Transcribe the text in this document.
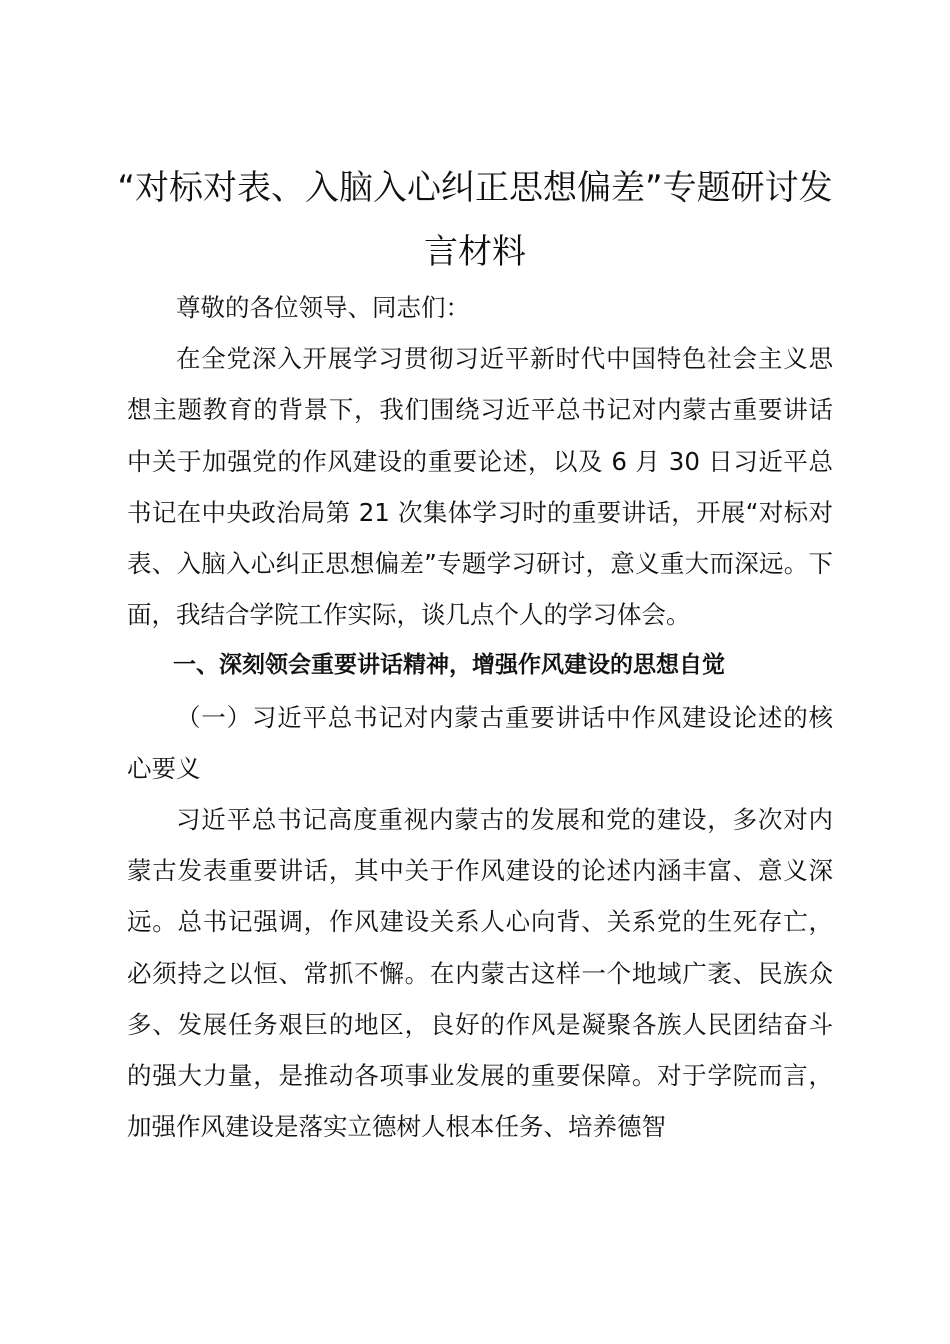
“对标对表、入脑入心纠正思想偏差”专题研讨发言材料

尊敬的各位领导、同志们：

在全党深入开展学习贯彻习近平新时代中国特色社会主义思想主题教育的背景下，我们围绕习近平总书记对内蒙古重要讲话中关于加强党的作风建设的重要论述，以及 6 月 30 日习近平总书记在中央政治局第 21 次集体学习时的重要讲话，开展“对标对表、入脑入心纠正思想偏差”专题学习研讨，意义重大而深远。下面，我结合学院工作实际，谈几点个人的学习体会。

一、深刻领会重要讲话精神，增强作风建设的思想自觉

（一）习近平总书记对内蒙古重要讲话中作风建设论述的核心要义

习近平总书记高度重视内蒙古的发展和党的建设，多次对内蒙古发表重要讲话，其中关于作风建设的论述内涵丰富、意义深远。总书记强调，作风建设关系人心向背、关系党的生死存亡，必须持之以恒、常抓不懈。在内蒙古这样一个地域广袤、民族众多、发展任务艰巨的地区，良好的作风是凝聚各族人民团结奋斗的强大力量，是推动各项事业发展的重要保障。对于学院而言，加强作风建设是落实立德树人根本任务、培养德智
